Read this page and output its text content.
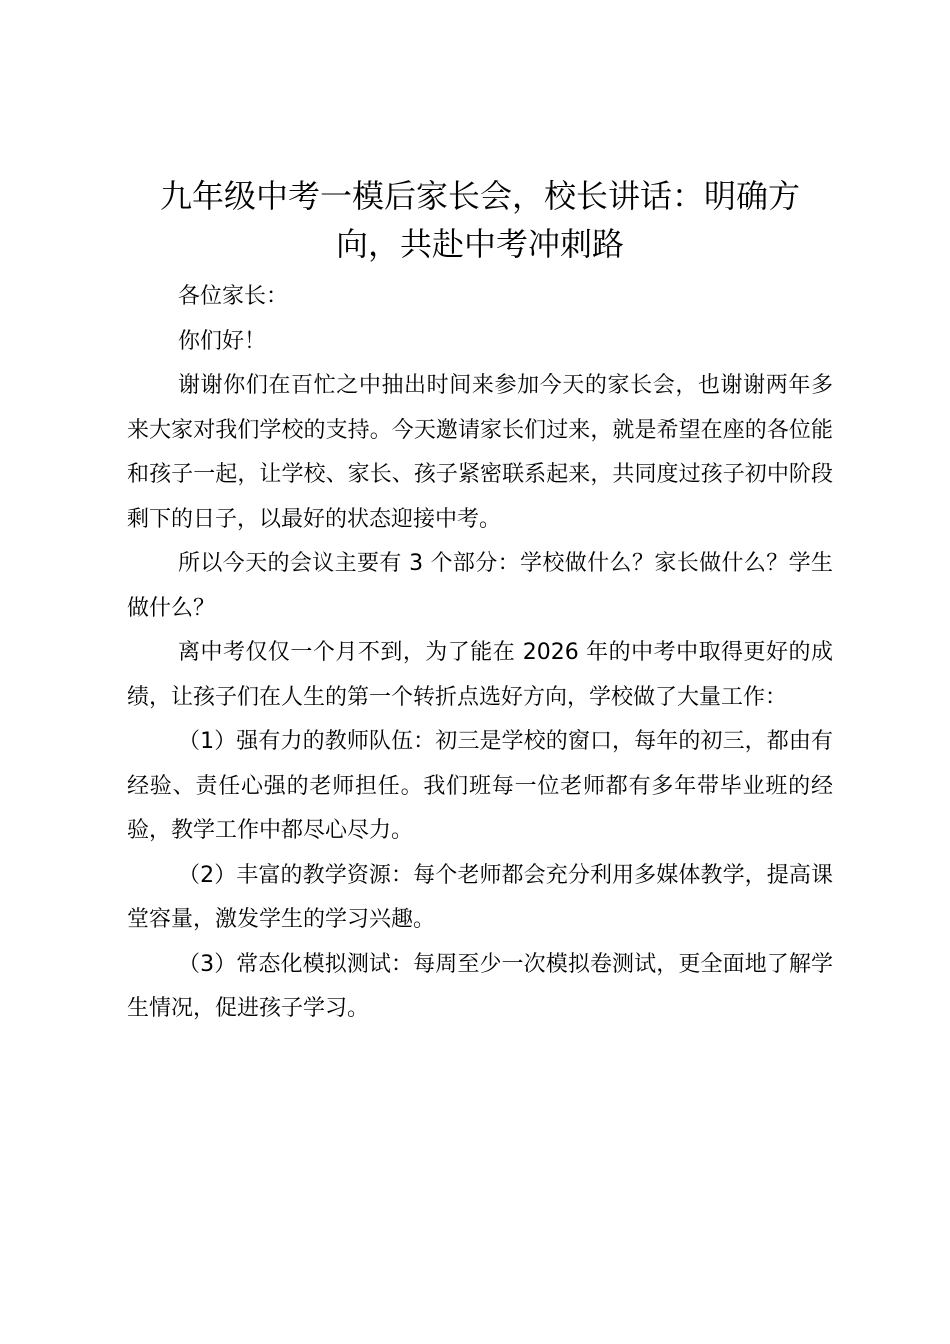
九年级中考一模后家长会，校长讲话：明确方
向，共赴中考冲刺路

各位家长：

你们好！

谢谢你们在百忙之中抽出时间来参加今天的家长会，也谢谢两年多来大家对我们学校的支持。今天邀请家长们过来，就是希望在座的各位能和孩子一起，让学校、家长、孩子紧密联系起来，共同度过孩子初中阶段剩下的日子，以最好的状态迎接中考。

所以今天的会议主要有 3 个部分：学校做什么？家长做什么？学生做什么？

离中考仅仅一个月不到，为了能在 2026 年的中考中取得更好的成绩，让孩子们在人生的第一个转折点选好方向，学校做了大量工作：

（1）强有力的教师队伍：初三是学校的窗口，每年的初三，都由有经验、责任心强的老师担任。我们班每一位老师都有多年带毕业班的经验，教学工作中都尽心尽力。

（2）丰富的教学资源：每个老师都会充分利用多媒体教学，提高课堂容量，激发学生的学习兴趣。

（3）常态化模拟测试：每周至少一次模拟卷测试，更全面地了解学生情况，促进孩子学习。
